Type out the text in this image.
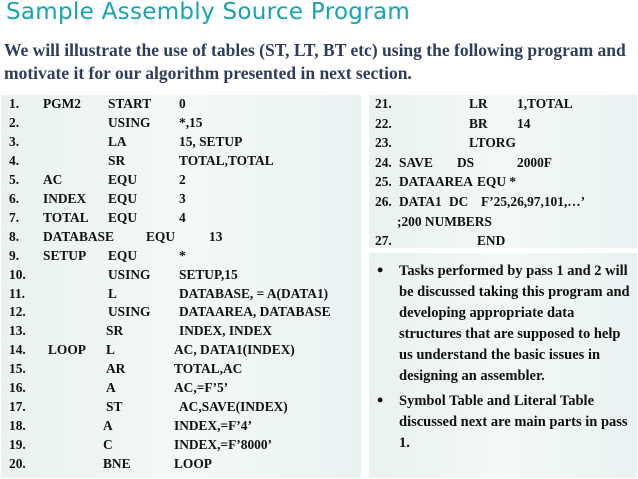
Sample Assembly Source Program
We will illustrate the use of tables (ST, LT, BT etc) using the following program and motivate it for our algorithm presented in next section.
1. PGM2 START 0
2.	USING *,15
3.	LA	15, SETUP
4.	SR	TOTAL,TOTAL
5. AC	EQU	2
6. INDEX EQU	3
7. TOTAL EQU	4
8. DATABASE EQU	13
9. SETUP EQU	*
10.	USING SETUP,15
11.	L	DATABASE, = A(DATA1)
12.	USING DATAAREA, DATABASE
13.	SR	INDEX, INDEX
14. LOOP L	AC, DATA1(INDEX)
15.	AR	TOTAL,AC
16.	A	AC,=F’5’
17.	ST	AC,SAVE(INDEX)
18.	A	INDEX,=F’4’
19.	C	INDEX,=F’8000’
20.	BNE	LOOP
21.	LR 1,TOTAL
22.	BR 14
23.	LTORG
24. SAVE DS	2000F
25. DATAAREA EQU *
26. DATA1 DC F’25,26,97,101,…’
;200 NUMBERS
27.	END
• Tasks performed by pass 1 and 2 will be discussed taking this program and developing appropriate data structures that are supposed to help us understand the basic issues in designing an assembler.
• Symbol Table and Literal Table discussed next are main parts in pass 1.
